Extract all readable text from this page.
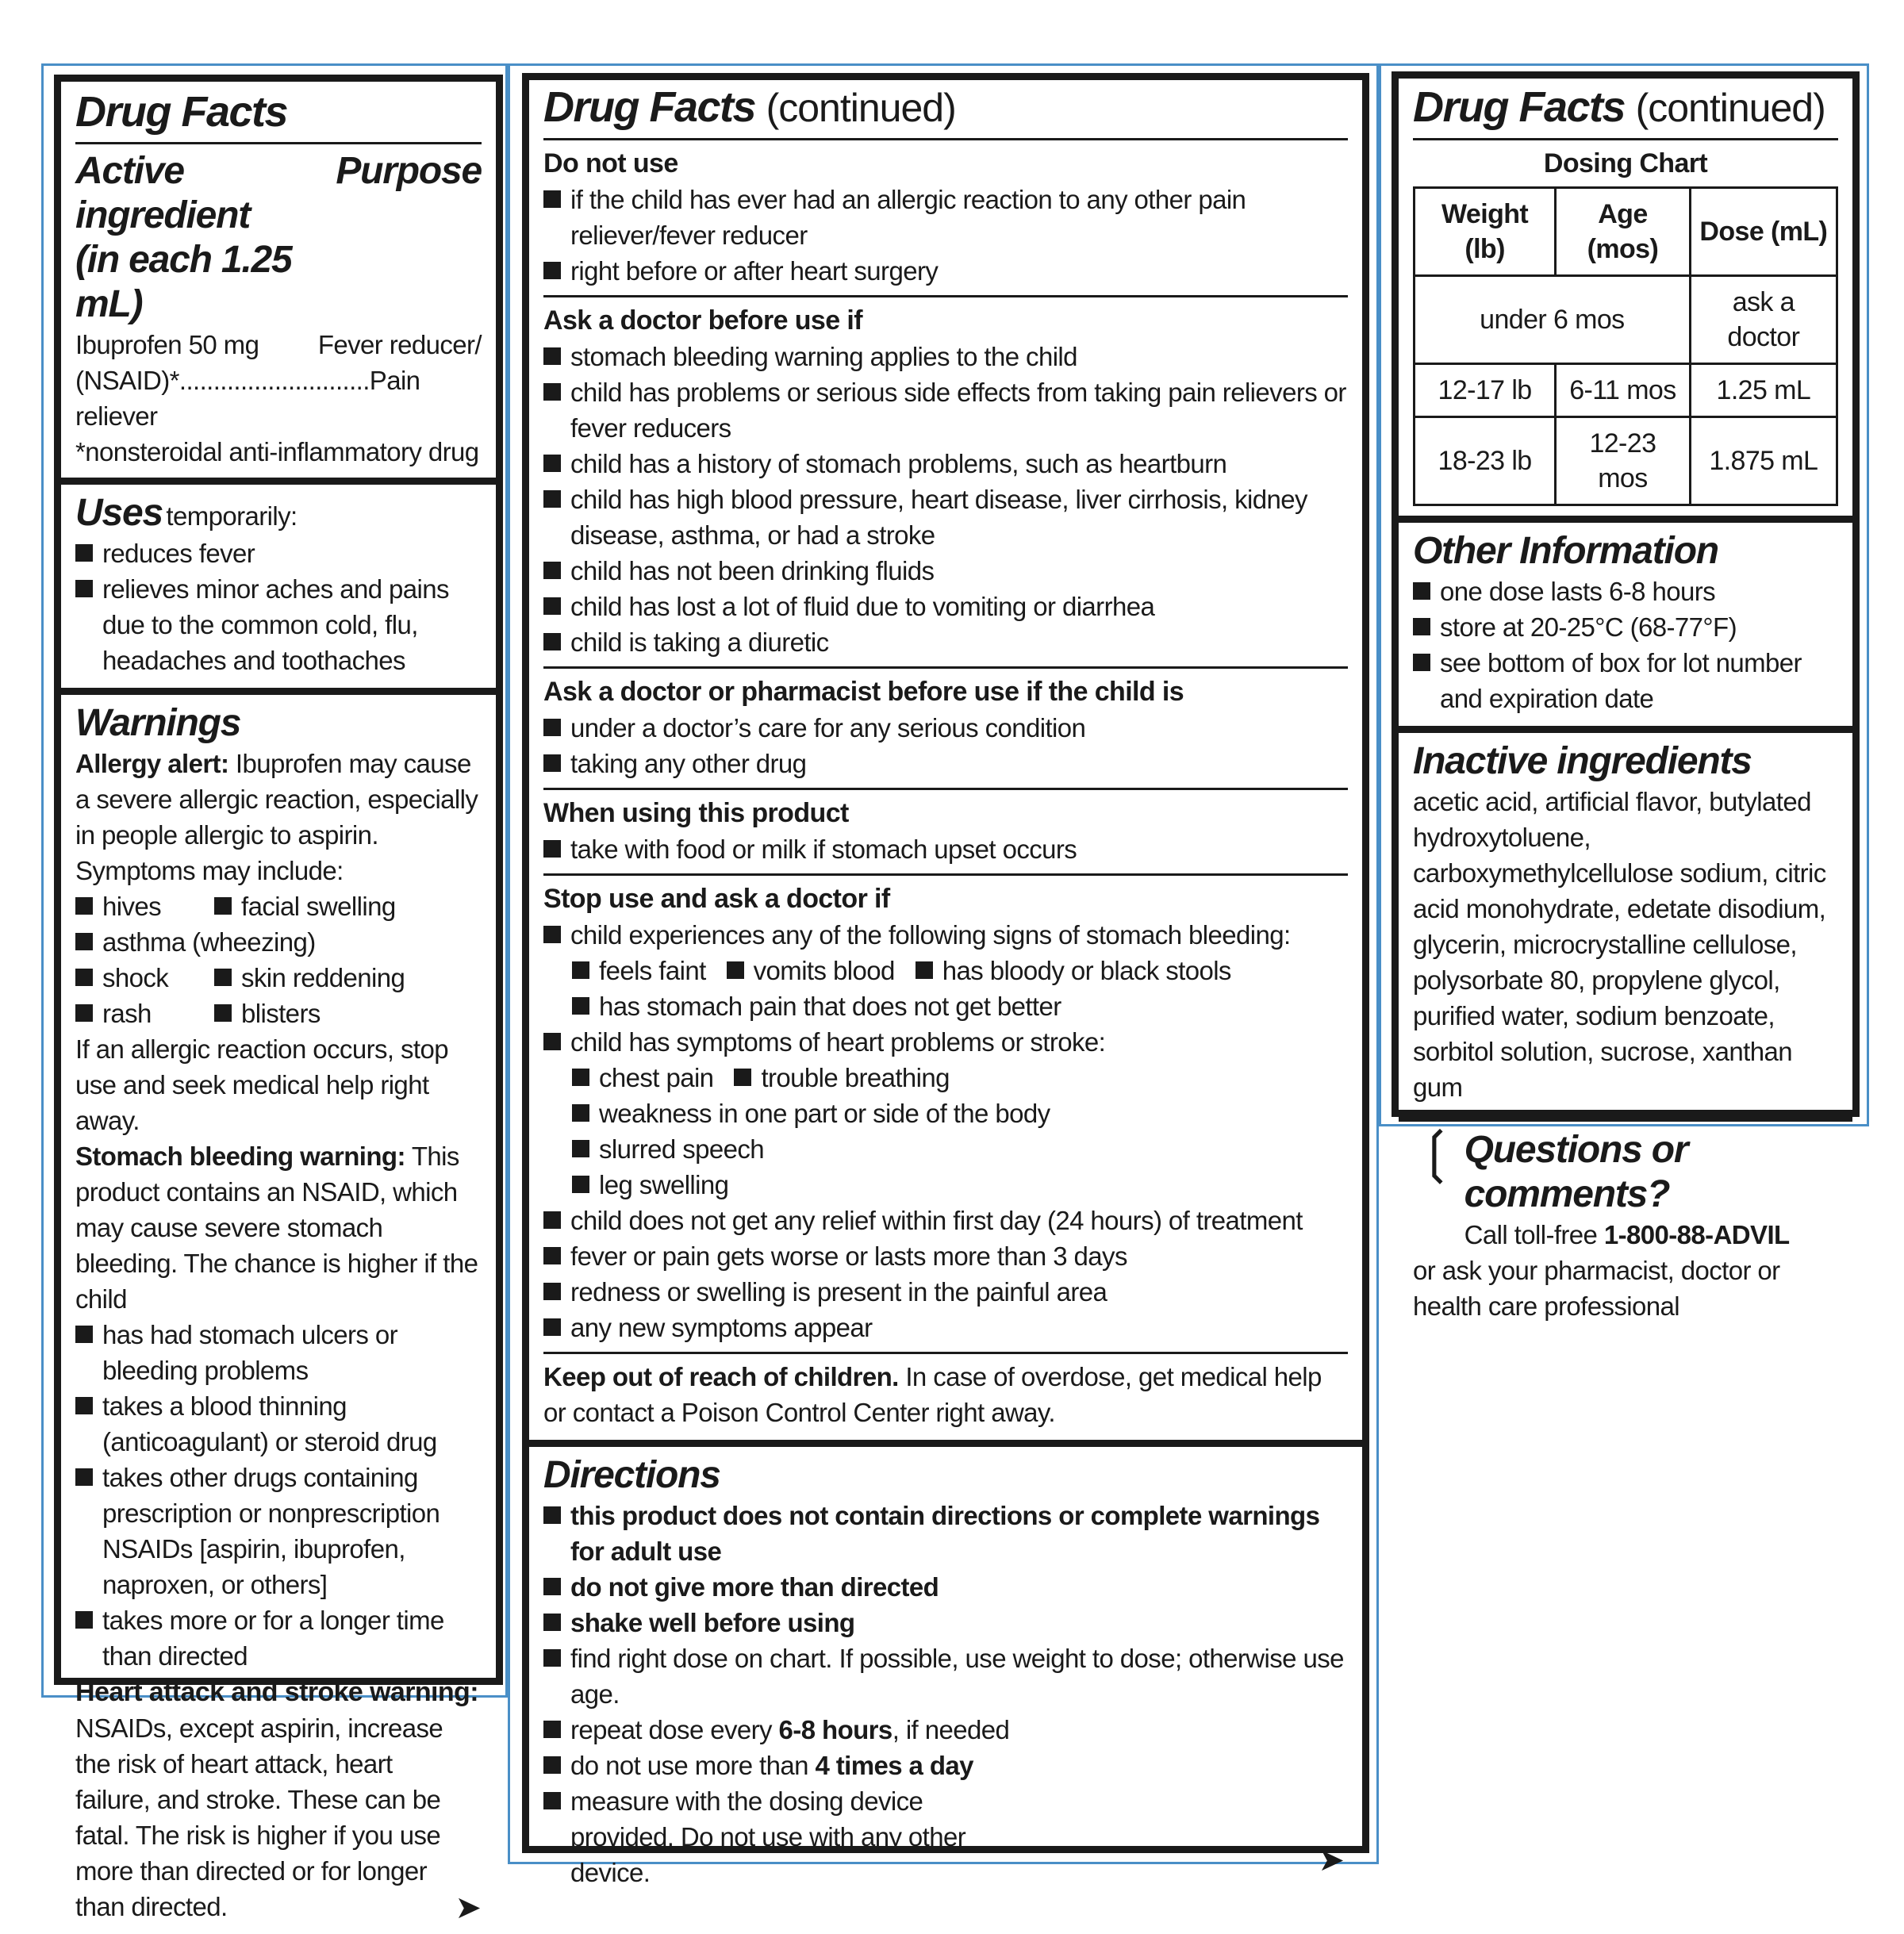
Drug Facts
Active ingredient
(in each 1.25 mL)
Purpose
Ibuprofen 50 mg Fever reducer/
(NSAID)*............................Pain reliever
*nonsteroidal anti-inflammatory drug
Uses temporarily:
reduces fever
relieves minor aches and pains due to the common cold, flu, headaches and toothaches
Warnings
Allergy alert: Ibuprofen may cause a severe allergic reaction, especially in people allergic to aspirin. Symptoms may include:
hives	facial swelling
asthma (wheezing)
shock	skin reddening
rash	blisters
If an allergic reaction occurs, stop use and seek medical help right away.
Stomach bleeding warning: This product contains an NSAID, which may cause severe stomach bleeding. The chance is higher if the child
has had stomach ulcers or bleeding problems
takes a blood thinning (anticoagulant) or steroid drug
takes other drugs containing prescription or nonprescription NSAIDs [aspirin, ibuprofen, naproxen, or others]
takes more or for a longer time than directed
Heart attack and stroke warning:
NSAIDs, except aspirin, increase the risk of heart attack, heart failure, and stroke. These can be fatal. The risk is higher if you use more than directed or for longer than directed.	➤
Drug Facts (continued)
Do not use
if the child has ever had an allergic reaction to any other pain reliever/fever reducer
right before or after heart surgery
Ask a doctor before use if
stomach bleeding warning applies to the child
child has problems or serious side effects from taking pain relievers or fever reducers
child has a history of stomach problems, such as heartburn
child has high blood pressure, heart disease, liver cirrhosis, kidney disease, asthma, or had a stroke
child has not been drinking fluids
child has lost a lot of fluid due to vomiting or diarrhea
child is taking a diuretic
Ask a doctor or pharmacist before use if the child is
under a doctor’s care for any serious condition
taking any other drug
When using this product
take with food or milk if stomach upset occurs
Stop use and ask a doctor if
child experiences any of the following signs of stomach bleeding:
feels faint vomits blood has bloody or black stools
has stomach pain that does not get better
child has symptoms of heart problems or stroke:
chest pain trouble breathing
weakness in one part or side of the body
slurred speech
leg swelling
child does not get any relief within first day (24 hours) of treatment
fever or pain gets worse or lasts more than 3 days
redness or swelling is present in the painful area
any new symptoms appear
Keep out of reach of children. In case of overdose, get medical help or contact a Poison Control Center right away.
Directions
this product does not contain directions or complete warnings for adult use
do not give more than directed
shake well before using
find right dose on chart. If possible, use weight to dose; otherwise use age.
repeat dose every 6-8 hours, if needed
do not use more than 4 times a day
measure with the dosing device provided. Do not use with any other device.	➤
Drug Facts (continued)
Dosing Chart
Weight (lb)	Age (mos)	Dose (mL)
under 6 mos		ask a doctor
12-17 lb	6-11 mos	1.25 mL
18-23 lb	12-23 mos	1.875 mL
Other Information
one dose lasts 6-8 hours
store at 20-25°C (68-77°F)
see bottom of box for lot number and expiration date
Inactive ingredients
acetic acid, artificial flavor, butylated hydroxytoluene, carboxymethylcellulose sodium, citric acid monohydrate, edetate disodium, glycerin, microcrystalline cellulose, polysorbate 80, propylene glycol, purified water, sodium benzoate, sorbitol solution, sucrose, xanthan gum
❲ Questions or comments?
Call toll-free 1-800-88-ADVIL
or ask your pharmacist, doctor or health care professional
